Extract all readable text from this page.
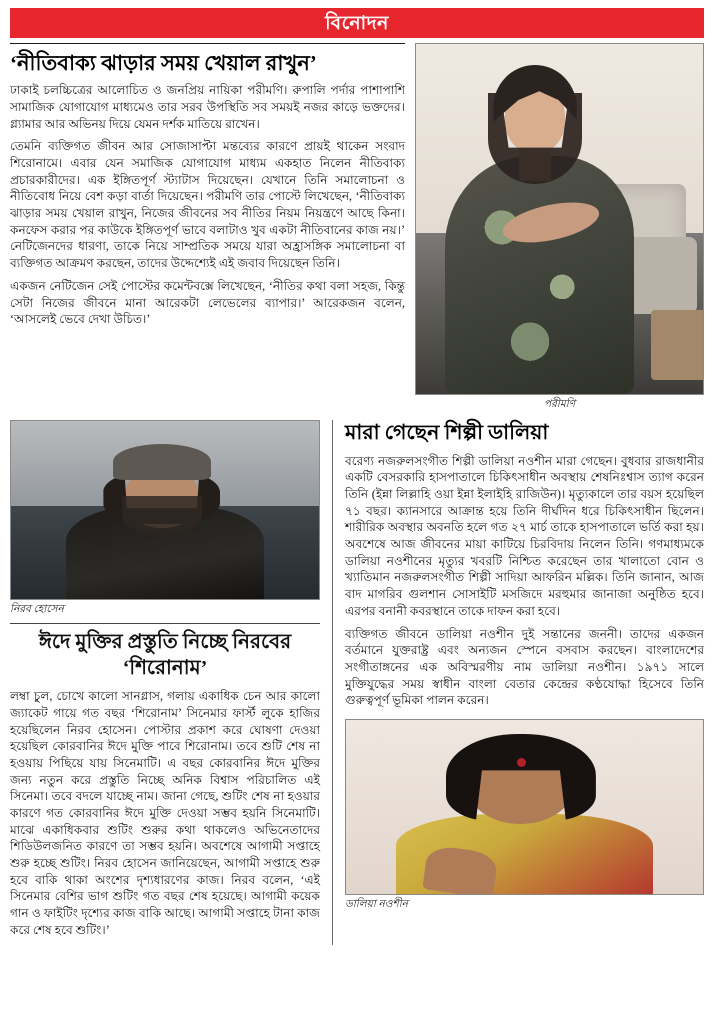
বিনোদন
‘নীতিবাক্য ঝাড়ার সময় খেয়াল রাখুন’

ঢাকাই চলচ্চিত্রের আলোচিত ও জনপ্রিয় নায়িকা পরীমণি। রুপালি পর্দার পাশাপাশি সামাজিক যোগাযোগ মাধ্যমেও তার সরব উপস্থিতি সব সময়ই নজর কাড়ে ভক্তদের। গ্ল্যামার আর অভিনয় দিয়ে যেমন দর্শক মাতিয়ে রাখেন।

তেমনি ব্যক্তিগত জীবন আর সোজাসাপ্টা মন্তব্যের কারণে প্রায়ই থাকেন সংবাদ শিরোনামে। এবার যেন সমাজিক যোগাযোগ মাধ্যম একহাত নিলেন নীতিবাক্য প্রচারকারীদের। এক ইঙ্গিতপূর্ণ স্ট্যাটাস দিয়েছেন। যেখানে তিনি সমালোচনা ও নীতিবোধ নিয়ে বেশ কড়া বার্তা দিয়েছেন। পরীমণি তার পোস্টে লিখেছেন, ‘নীতিবাক্য ঝাড়ার সময় খেয়াল রাখুন, নিজের জীবনের সব নীতির নিয়ম নিয়ন্ত্রণে আছে কিনা। কনফেস করার পর কাউকে ইঙ্গিতপূর্ণ ভাবে বলাটাও খুব একটা নীতিবানের কাজ নয়।’ নেটিজেনদের ধারণা, তাকে নিয়ে সাম্প্রতিক সময়ে যারা অহ্রাসঙ্গিক সমালোচনা বা ব্যক্তিগত আক্রমণ করছেন, তাদের উদ্দেশ্যেই এই জবাব দিয়েছেন তিনি।

একজন নেটিজেন সেই পোস্টের কমেন্টবক্সে লিখেছেন, ‘নীতির কথা বলা সহজ, কিন্তু সেটা নিজের জীবনে মানা আরেকটা লেভেলের ব্যাপার।’ আরেকজন বলেন, ‘আসলেই ভেবে দেখা উচিত।’

পরীমণি
নিরব হোসেন
ঈদে মুক্তির প্রস্তুতি নিচ্ছে নিরবের ‘শিরোনাম’

লম্বা চুল, চোখে কালো সানগ্লাস, গলায় একাধিক চেন আর কালো জ্যাকেট গায়ে গত বছর ‘শিরোনাম’ সিনেমার ফার্স্ট লুকে হাজির হয়েছিলেন নিরব হোসেন। পোস্টার প্রকাশ করে ঘোষণা দেওয়া হয়েছিল কোরবানির ঈদে মুক্তি পাবে শিরোনাম। তবে শুটি শেষ না হওয়ায় পিছিয়ে যায় সিনেমাটি। এ বছর কোরবানির ঈদে মুক্তির জন্য নতুন করে প্রস্তুতি নিচ্ছে অনিক বিশ্বাস পরিচালিত এই সিনেমা। তবে বদলে যাচ্ছে নাম। জানা গেছে, শুটিং শেষ না হওয়ার কারণে গত কোরবানির ঈদে মুক্তি দেওয়া সম্ভব হয়নি সিনেমাটি। মাঝে একাধিকবার শুটিং শুরুর কথা থাকলেও অভিনেতাদের শিডিউলজনিত কারণে তা সম্ভব হয়নি। অবশেষে আগামী সপ্তাহে শুরু হচ্ছে শুটিং। নিরব হোসেন জানিয়েছেন, আগামী সপ্তাহে শুরু হবে বাকি থাকা অংশের দৃশ্যধারণের কাজ। নিরব বলেন, ‘এই সিনেমার বেশির ভাগ শুটিং গত বছর শেষ হয়েছে। আগামী কয়েক গান ও ফাইটিং দৃশ্যের কাজ বাকি আছে। আগামী সপ্তাহে টানা কাজ করে শেষ হবে শুটিং।’

মারা গেছেন শিল্পী ডালিয়া

বরেণ্য নজরুলসংগীত শিল্পী ডালিয়া নওশীন মারা গেছেন। বুধবার রাজধানীর একটি বেসরকারি হাসপাতালে চিকিৎসাধীন অবস্থায় শেষনিঃশ্বাস ত্যাগ করেন তিনি (ইন্না লিল্লাহি ওয়া ইন্না ইলাইহি রাজিউন)। মৃত্যুকালে তার বয়স হয়েছিল ৭১ বছর। ক্যানসারে আক্রান্ত হয়ে তিনি দীর্ঘদিন ধরে চিকিৎসাধীন ছিলেন। শারীরিক অবস্থার অবনতি হলে গত ২৭ মার্চ তাকে হাসপাতালে ভর্তি করা হয়। অবশেষে আজ জীবনের মায়া কাটিয়ে চিরবিদায় নিলেন তিনি। গণমাধ্যমকে ডালিয়া নওশীনের মৃত্যুর খবরটি নিশ্চিত করেছেন তার খালাতো বোন ও খ্যাতিমান নজরুলসংগীত শিল্পী সাদিয়া আফরিন মল্লিক। তিনি জানান, আজ বাদ মাগরিব গুলশান সোসাইটি মসজিদে মরহুমার জানাজা অনুষ্ঠিত হবে। এরপর বনানী কবরস্থানে তাকে দাফন করা হবে।

ব্যক্তিগত জীবনে ডালিয়া নওশীন দুই সন্তানের জননী। তাদের একজন বর্তমানে যুক্তরাষ্ট্র এবং অন্যজন স্পেনে বসবাস করছেন। বাংলাদেশের সংগীতাঙ্গনের এক অবিস্মরণীয় নাম ডালিয়া নওশীন। ১৯৭১ সালে মুক্তিযুদ্ধের সময় স্বাধীন বাংলা বেতার কেন্দ্রের কণ্ঠযোদ্ধা হিসেবে তিনি গুরুত্বপূর্ণ ভূমিকা পালন করেন।

ডালিয়া নওশীন
